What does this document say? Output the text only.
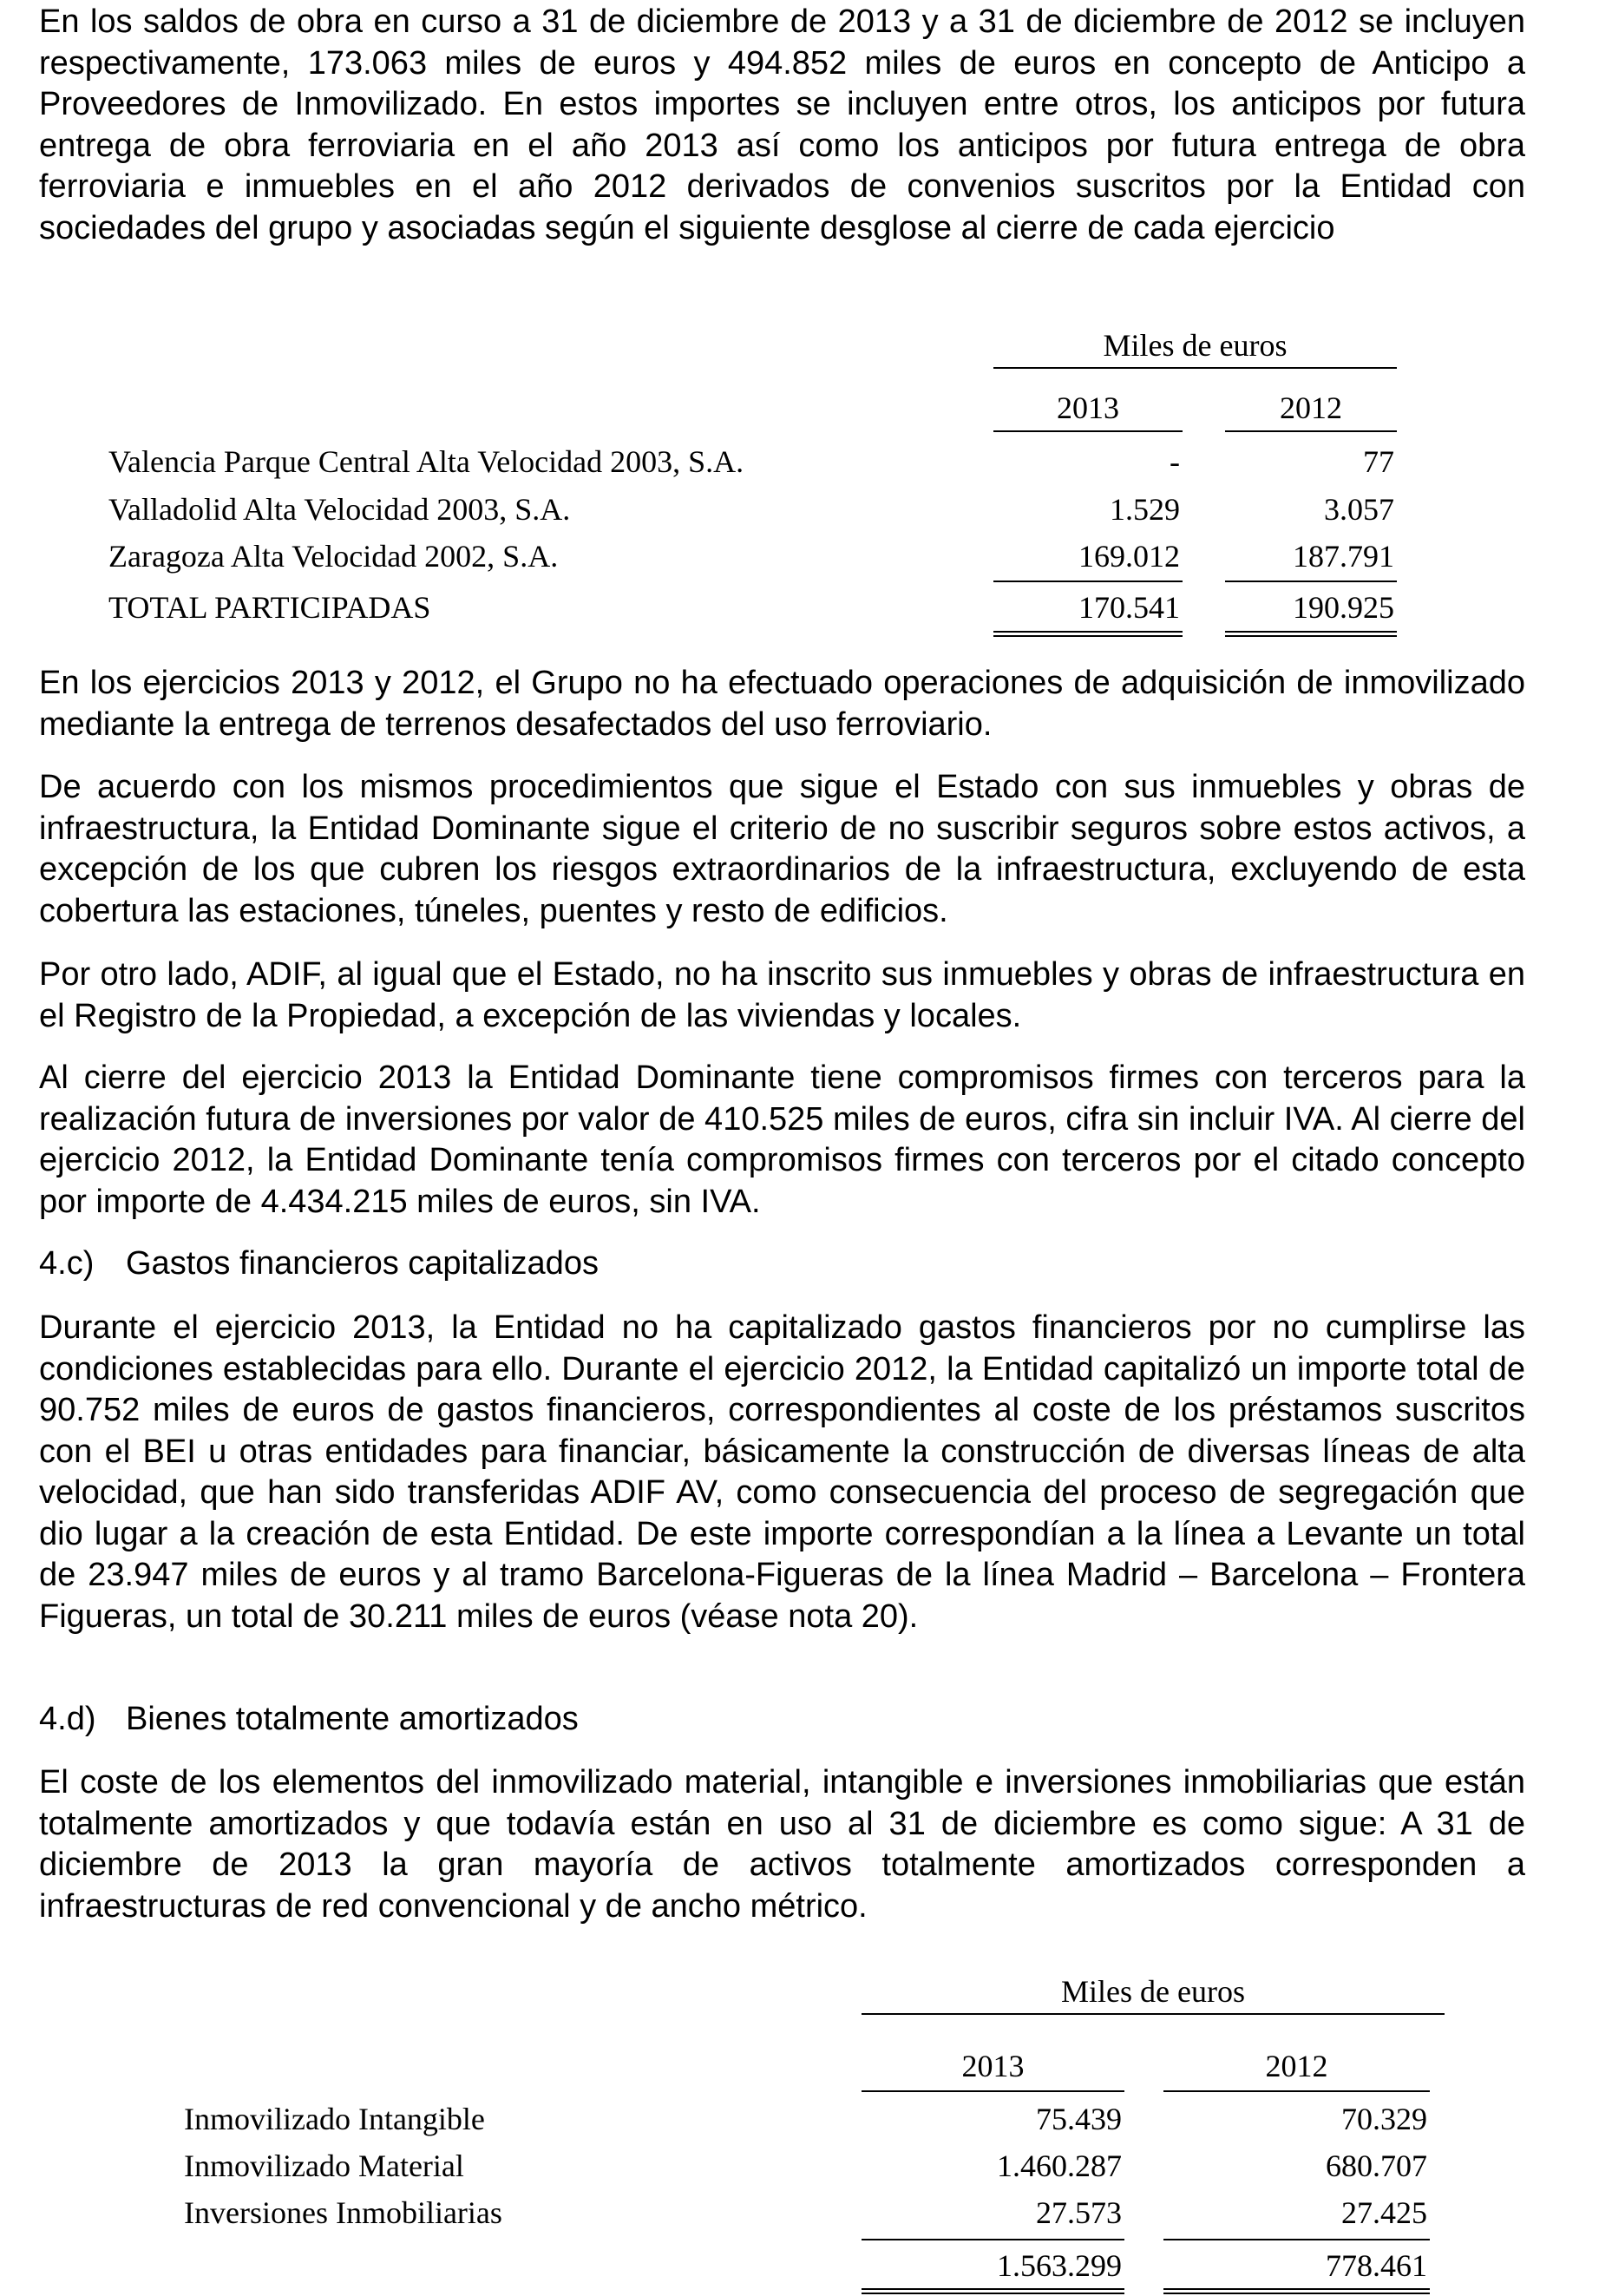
En los saldos de obra en curso a 31 de diciembre de 2013 y a 31 de diciembre de 2012 se incluyen respectivamente, 173.063 miles de euros y 494.852 miles de euros en concepto de Anticipo a Proveedores de Inmovilizado. En estos importes se incluyen entre otros, los anticipos por futura entrega de obra ferroviaria en el año 2013 así como los anticipos por futura entrega de obra ferroviaria e inmuebles en el año 2012 derivados de convenios suscritos por la Entidad con sociedades del grupo y asociadas según el siguiente desglose al cierre de cada ejercicio

Miles de euros
2013	2012
Valencia Parque Central Alta Velocidad 2003, S.A.	-	77
Valladolid Alta Velocidad 2003, S.A.	1.529	3.057
Zaragoza Alta Velocidad 2002, S.A.	169.012	187.791
TOTAL PARTICIPADAS	170.541	190.925

En los ejercicios 2013 y 2012, el Grupo no ha efectuado operaciones de adquisición de inmovilizado mediante la entrega de terrenos desafectados del uso ferroviario.

De acuerdo con los mismos procedimientos que sigue el Estado con sus inmuebles y obras de infraestructura, la Entidad Dominante sigue el criterio de no suscribir seguros sobre estos activos, a excepción de los que cubren los riesgos extraordinarios de la infraestructura, excluyendo de esta cobertura las estaciones, túneles, puentes y resto de edificios.

Por otro lado, ADIF, al igual que el Estado, no ha inscrito sus inmuebles y obras de infraestructura en el Registro de la Propiedad, a excepción de las viviendas y locales.

Al cierre del ejercicio 2013 la Entidad Dominante tiene compromisos firmes con terceros para la realización futura de inversiones por valor de 410.525 miles de euros, cifra sin incluir IVA. Al cierre del ejercicio 2012, la Entidad Dominante tenía compromisos firmes con terceros por el citado concepto por importe de 4.434.215 miles de euros, sin IVA.

4.c) Gastos financieros capitalizados

Durante el ejercicio 2013, la Entidad no ha capitalizado gastos financieros por no cumplirse las condiciones establecidas para ello. Durante el ejercicio 2012, la Entidad capitalizó un importe total de 90.752 miles de euros de gastos financieros, correspondientes al coste de los préstamos suscritos con el BEI u otras entidades para financiar, básicamente la construcción de diversas líneas de alta velocidad, que han sido transferidas ADIF AV, como consecuencia del proceso de segregación que dio lugar a la creación de esta Entidad. De este importe correspondían a la línea a Levante un total de 23.947 miles de euros y al tramo Barcelona-Figueras de la línea Madrid – Barcelona – Frontera Figueras, un total de 30.211 miles de euros (véase nota 20).

4.d) Bienes totalmente amortizados

El coste de los elementos del inmovilizado material, intangible e inversiones inmobiliarias que están totalmente amortizados y que todavía están en uso al 31 de diciembre es como sigue: A 31 de diciembre de 2013 la gran mayoría de activos totalmente amortizados corresponden a infraestructuras de red convencional y de ancho métrico.

Miles de euros
2013	2012
Inmovilizado Intangible	75.439	70.329
Inmovilizado Material	1.460.287	680.707
Inversiones Inmobiliarias	27.573	27.425
1.563.299	778.461
